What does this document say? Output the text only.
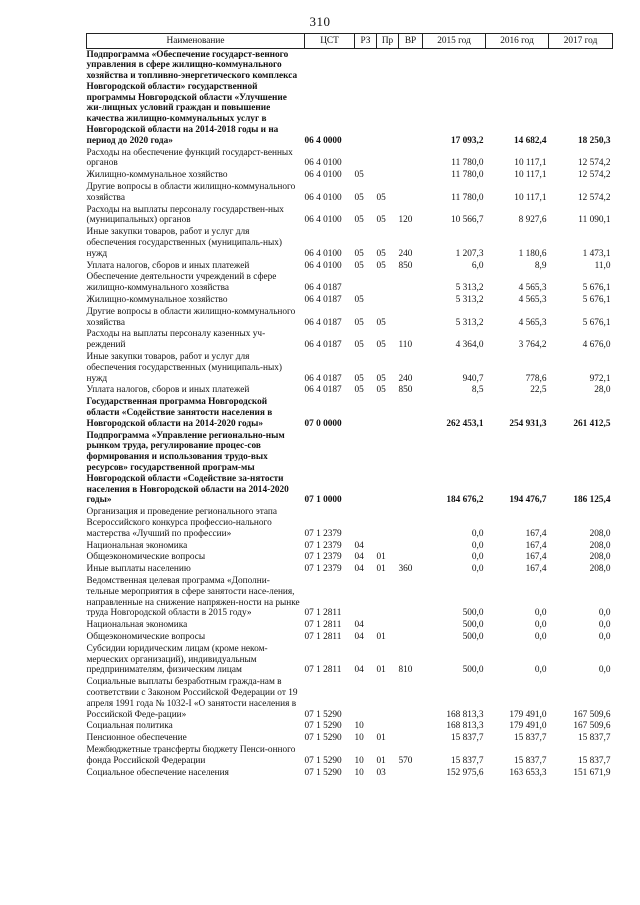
310
Наименование	ЦСТ	РЗ	Пр	ВР	2015 год	2016 год	2017 год
Подпрограмма «Обеспечение государст-венного управления в сфере жилищно-коммунального хозяйства и топливно-энергетического комплекса Новгородской области» государственной программы Новгородской области «Улучшение жи-лищных условий граждан и повышение качества жилищно-коммунальных услуг в Новгородской области на 2014-2018 годы и на период до 2020 года»	06 4 0000				17 093,2	14 682,4	18 250,3
Расходы на обеспечение функций государст-венных органов	06 4 0100				11 780,0	10 117,1	12 574,2
Жилищно-коммунальное хозяйство	06 4 0100	05			11 780,0	10 117,1	12 574,2
Другие вопросы в области жилищно-коммунального хозяйства	06 4 0100	05	05		11 780,0	10 117,1	12 574,2
Расходы на выплаты персоналу государствен-ных (муниципальных) органов	06 4 0100	05	05	120	10 566,7	8 927,6	11 090,1
Иные закупки товаров, работ и услуг для обеспечения государственных (муниципаль-ных) нужд	06 4 0100	05	05	240	1 207,3	1 180,6	1 473,1
Уплата налогов, сборов и иных платежей	06 4 0100	05	05	850	6,0	8,9	11,0
Обеспечение деятельности учреждений в сфере жилищно-коммунального хозяйства	06 4 0187				5 313,2	4 565,3	5 676,1
Жилищно-коммунальное хозяйство	06 4 0187	05			5 313,2	4 565,3	5 676,1
Другие вопросы в области жилищно-коммунального хозяйства	06 4 0187	05	05		5 313,2	4 565,3	5 676,1
Расходы на выплаты персоналу казенных уч-реждений	06 4 0187	05	05	110	4 364,0	3 764,2	4 676,0
Иные закупки товаров, работ и услуг для обеспечения государственных (муниципаль-ных) нужд	06 4 0187	05	05	240	940,7	778,6	972,1
Уплата налогов, сборов и иных платежей	06 4 0187	05	05	850	8,5	22,5	28,0
Государственная программа Новгородской области «Содействие занятости населения в Новгородской области на 2014-2020 годы»	07 0 0000				262 453,1	254 931,3	261 412,5
Подпрограмма «Управление регионально-ным рынком труда, регулирование процес-сов формирования и использования трудо-вых ресурсов» государственной програм-мы Новгородской области «Содействие за-нятости населения в Новгородской области на 2014-2020 годы»	07 1 0000				184 676,2	194 476,7	186 125,4
Организация и проведение регионального этапа Всероссийского конкурса профессио-нального мастерства «Лучший по профессии»	07 1 2379				0,0	167,4	208,0
Национальная экономика	07 1 2379	04			0,0	167,4	208,0
Общеэкономические вопросы	07 1 2379	04	01		0,0	167,4	208,0
Иные выплаты населению	07 1 2379	04	01	360	0,0	167,4	208,0
Ведомственная целевая программа «Дополни-тельные мероприятия в сфере занятости насе-ления, направленные на снижение напряжен-ности на рынке труда Новгородской области в 2015 году»	07 1 2811				500,0	0,0	0,0
Национальная экономика	07 1 2811	04			500,0	0,0	0,0
Общеэкономические вопросы	07 1 2811	04	01		500,0	0,0	0,0
Субсидии юридическим лицам (кроме неком-мерческих организаций), индивидуальным предпринимателям, физическим лицам	07 1 2811	04	01	810	500,0	0,0	0,0
Социальные выплаты безработным гражда-нам в соответствии с Законом Российской Федерации от 19 апреля 1991 года № 1032-I «О занятости населения в Российской Феде-рации»	07 1 5290				168 813,3	179 491,0	167 509,6
Социальная политика	07 1 5290	10			168 813,3	179 491,0	167 509,6
Пенсионное обеспечение	07 1 5290	10	01		15 837,7	15 837,7	15 837,7
Межбюджетные трансферты бюджету Пенси-онного фонда Российской Федерации	07 1 5290	10	01	570	15 837,7	15 837,7	15 837,7
Социальное обеспечение населения	07 1 5290	10	03		152 975,6	163 653,3	151 671,9
